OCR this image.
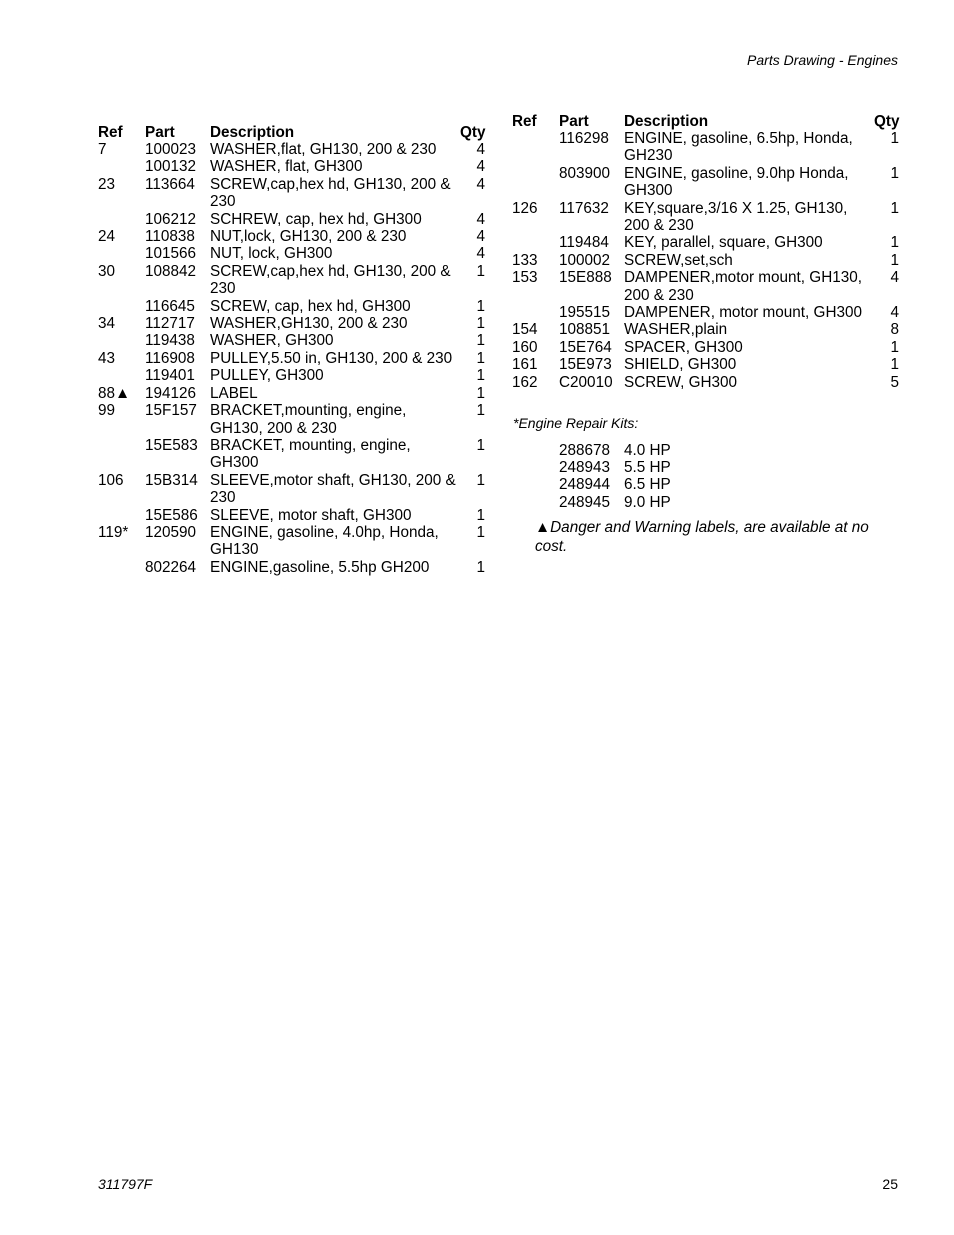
Parts Drawing - Engines
Ref	Part	Description	Qty
7	100023	WASHER,flat, GH130, 200 & 230	4
	100132	WASHER, flat, GH300	4
23	113664	SCREW,cap,hex hd, GH130, 200 & 230	4
	106212	SCHREW, cap, hex hd, GH300	4
24	110838	NUT,lock, GH130, 200 & 230	4
	101566	NUT, lock, GH300	4
30	108842	SCREW,cap,hex hd, GH130, 200 & 230	1
	116645	SCREW, cap, hex hd, GH300	1
34	112717	WASHER,GH130, 200 & 230	1
	119438	WASHER, GH300	1
43	116908	PULLEY,5.50 in, GH130, 200 & 230	1
	119401	PULLEY, GH300	1
88▲	194126	LABEL	1
99	15F157	BRACKET,mounting, engine, GH130, 200 & 230	1
	15E583	BRACKET, mounting, engine, GH300	1
106	15B314	SLEEVE,motor shaft, GH130, 200 & 230	1
	15E586	SLEEVE, motor shaft, GH300	1
119*	120590	ENGINE, gasoline, 4.0hp, Honda, GH130	1
	802264	ENGINE,gasoline, 5.5hp GH200	1
Ref	Part	Description	Qty
	116298	ENGINE, gasoline, 6.5hp, Honda, GH230	1
	803900	ENGINE, gasoline, 9.0hp Honda, GH300	1
126	117632	KEY,square,3/16 X 1.25, GH130, 200 & 230	1
	119484	KEY, parallel, square, GH300	1
133	100002	SCREW,set,sch	1
153	15E888	DAMPENER,motor mount, GH130, 200 & 230	4
	195515	DAMPENER, motor mount, GH300	4
154	108851	WASHER,plain	8
160	15E764	SPACER, GH300	1
161	15E973	SHIELD, GH300	1
162	C20010	SCREW, GH300	5
*Engine Repair Kits:
288678	4.0 HP
248943	5.5 HP
248944	6.5 HP
248945	9.0 HP
▲Danger and Warning labels, are available at no cost.
311797F	25
